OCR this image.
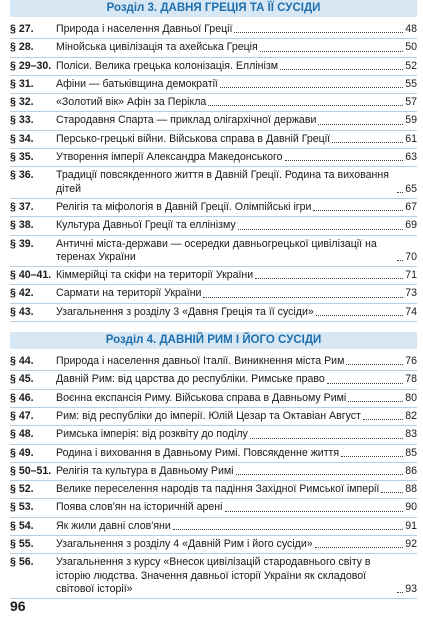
Розділ 3. ДАВНЯ ГРЕЦІЯ ТА ЇЇ СУСІДИ
§ 27.	Природа і населення Давньої Греції	48
§ 28.	Мінойська цивілізація та ахейська Греція	50
§ 29–30. Поліси. Велика грецька колонізація. Еллінізм	52
§ 31.	Афіни — батьківщина демократії	55
§ 32.	«Золотий вік» Афін за Перікла	57
§ 33.	Стародавня Спарта — приклад олігархічної держави	59
§ 34.	Персько-грецькі війни. Військова справа в Давній Греції	61
§ 35.	Утворення імперії Александра Македонського	63
§ 36.	Традиції повсякденного життя в Давній Греції. Родина та виховання дітей	65
§ 37.	Релігія та міфологія в Давній Греції. Олімпійські ігри	67
§ 38.	Культура Давньої Греції та еллінізму	69
§ 39.	Античні міста-держави — осередки давньогрецької цивілізації на теренах України	70
§ 40–41. Кіммерійці та скіфи на території України	71
§ 42.	Сармати на території України	73
§ 43.	Узагальнення з розділу 3 «Давня Греція та її сусіди»	74
Розділ 4. ДАВНІЙ РИМ І ЙОГО СУСІДИ
§ 44.	Природа і населення давньої Італії. Виникнення міста Рим	76
§ 45.	Давній Рим: від царства до республіки. Римське право	78
§ 46.	Воєнна експансія Риму. Військова справа в Давньому Римі	80
§ 47.	Рим: від республіки до імперії. Юлій Цезар та Октавіан Август	82
§ 48.	Римська імперія: від розквіту до поділу	83
§ 49.	Родина і виховання в Давньому Римі. Повсякденне життя	85
§ 50–51. Релігія та культура в Давньому Римі	86
§ 52.	Велике переселення народів та падіння Західної Римської імперії 88
§ 53.	Поява слов'ян на історичній арені	90
§ 54.	Як жили давні слов'яни	91
§ 55.	Узагальнення з розділу 4 «Давній Рим і його сусіди»	92
§ 56.	Узагальнення з курсу «Внесок цивілізацій стародавнього світу в історію людства. Значення давньої історії України як складової світової історії»	93
96
